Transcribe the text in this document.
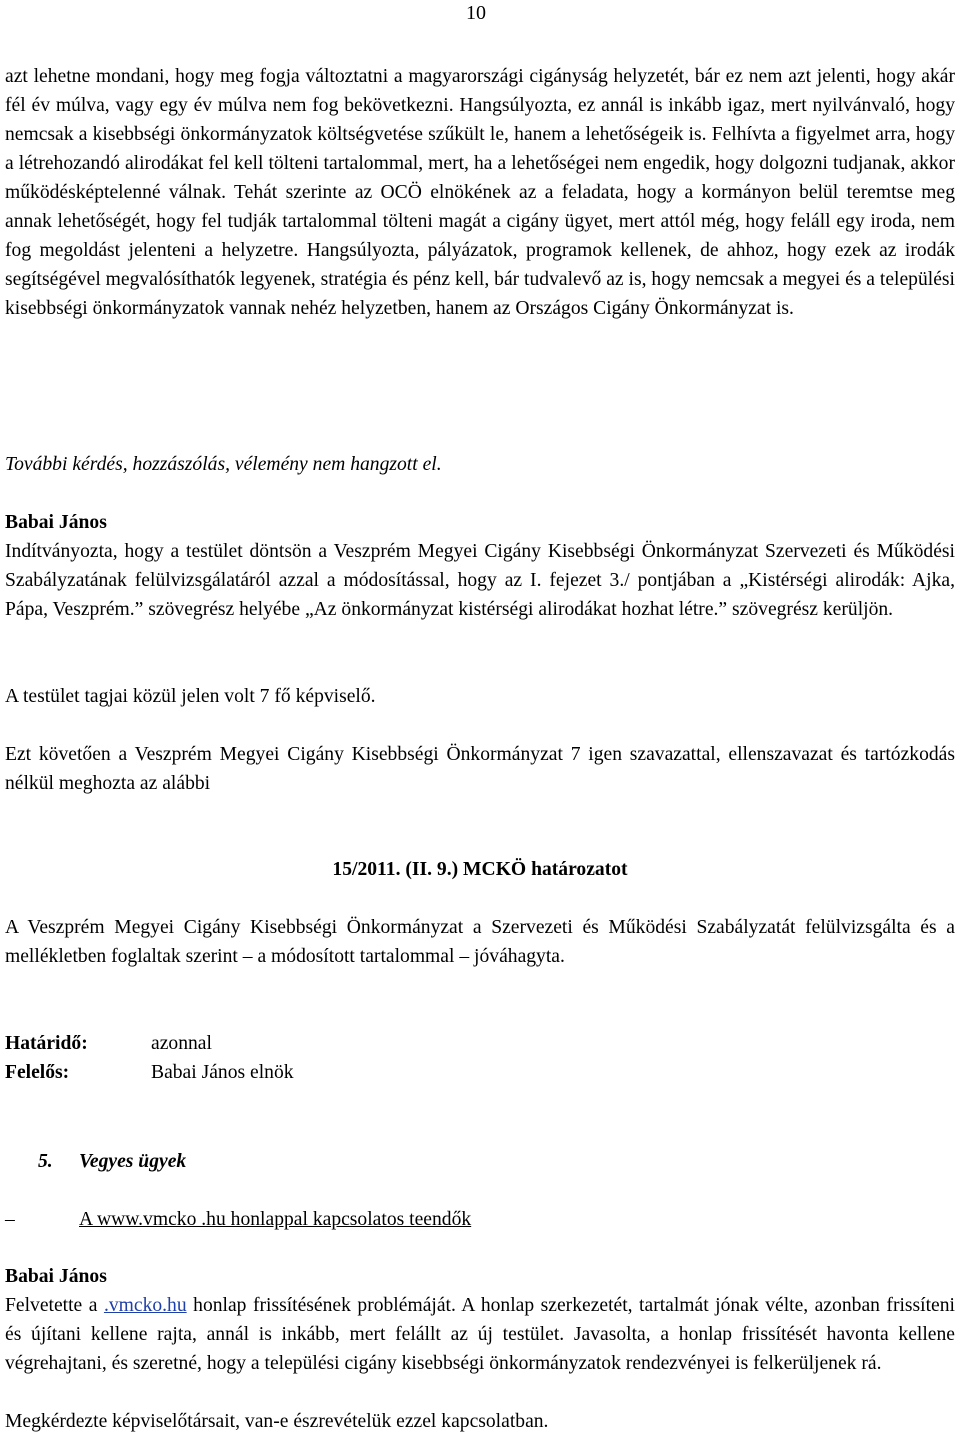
10

azt lehetne mondani, hogy meg fogja változtatni a magyarországi cigányság helyzetét, bár ez nem azt jelenti, hogy akár fél év múlva, vagy egy év múlva nem fog bekövetkezni. Hangsúlyozta, ez annál is inkább igaz, mert nyilvánvaló, hogy nemcsak a kisebbségi önkormányzatok költségvetése szűkült le, hanem a lehetőségeik is. Felhívta a figyelmet arra, hogy a létrehozandó alirodákat fel kell tölteni tartalommal, mert, ha a lehetőségei nem engedik, hogy dolgozni tudjanak, akkor működésképtelenné válnak. Tehát szerinte az OCÖ elnökének az a feladata, hogy a kormányon belül teremtse meg annak lehetőségét, hogy fel tudják tartalommal tölteni magát a cigány ügyet, mert attól még, hogy feláll egy iroda, nem fog megoldást jelenteni a helyzetre. Hangsúlyozta, pályázatok, programok kellenek, de ahhoz, hogy ezek az irodák segítségével megvalósíthatók legyenek, stratégia és pénz kell, bár tudvalevő az is, hogy nemcsak a megyei és a települési kisebbségi önkormányzatok vannak nehéz helyzetben, hanem az Országos Cigány Önkormányzat is.

További kérdés, hozzászólás, vélemény nem hangzott el.

Babai János

Indítványozta, hogy a testület döntsön a Veszprém Megyei Cigány Kisebbségi Önkormányzat Szervezeti és Működési Szabályzatának felülvizsgálatáról azzal a módosítással, hogy az I. fejezet 3./ pontjában a „Kistérségi alirodák: Ajka, Pápa, Veszprém.” szövegrész helyébe „Az önkormányzat kistérségi alirodákat hozhat létre.” szövegrész kerüljön.

A testület tagjai közül jelen volt 7 fő képviselő.

Ezt követően a Veszprém Megyei Cigány Kisebbségi Önkormányzat 7 igen szavazattal, ellenszavazat és tartózkodás nélkül meghozta az alábbi

15/2011. (II. 9.) MCKÖ határozatot

A Veszprém Megyei Cigány Kisebbségi Önkormányzat a Szervezeti és Működési Szabályzatát felülvizsgálta és a mellékletben foglaltak szerint – a módosított tartalommal – jóváhagyta.

Határidő:	azonnal
Felelős:	Babai János elnök
5. Vegyes ügyek
–	A www.vmcko .hu honlappal kapcsolatos teendők
Babai János

Felvetette a .vmcko.hu honlap frissítésének problémáját. A honlap szerkezetét, tartalmát jónak vélte, azonban frissíteni és újítani kellene rajta, annál is inkább, mert felállt az új testület. Javasolta, a honlap frissítését havonta kellene végrehajtani, és szeretné, hogy a települési cigány kisebbségi önkormányzatok rendezvényei is felkerüljenek rá.

Megkérdezte képviselőtársait, van-e észrevételük ezzel kapcsolatban.
